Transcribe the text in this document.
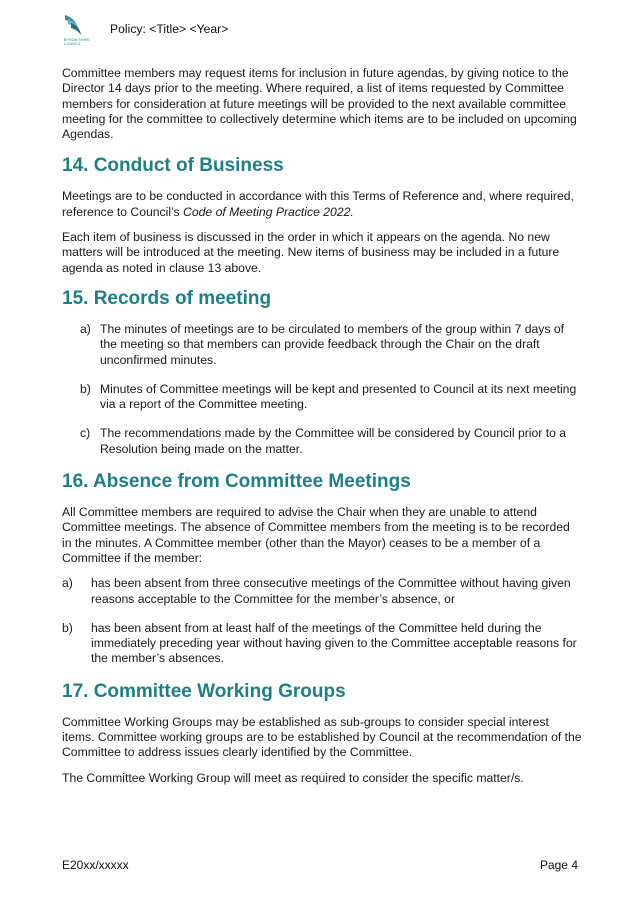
BYRON SHIRE COUNCIL
Policy: <Title> <Year>

Committee members may request items for inclusion in future agendas, by giving notice to the Director 14 days prior to the meeting. Where required, a list of items requested by Committee members for consideration at future meetings will be provided to the next available committee meeting for the committee to collectively determine which items are to be included on upcoming Agendas.

14. Conduct of Business

Meetings are to be conducted in accordance with this Terms of Reference and, where required, reference to Council’s Code of Meeting Practice 2022.

Each item of business is discussed in the order in which it appears on the agenda. No new matters will be introduced at the meeting. New items of business may be included in a future agenda as noted in clause 13 above.

15. Records of meeting
a) The minutes of meetings are to be circulated to members of the group within 7 days of the meeting so that members can provide feedback through the Chair on the draft unconfirmed minutes.
b) Minutes of Committee meetings will be kept and presented to Council at its next meeting via a report of the Committee meeting.
c) The recommendations made by the Committee will be considered by Council prior to a Resolution being made on the matter.
16. Absence from Committee Meetings

All Committee members are required to advise the Chair when they are unable to attend Committee meetings. The absence of Committee members from the meeting is to be recorded in the minutes. A Committee member (other than the Mayor) ceases to be a member of a Committee if the member:

a) has been absent from three consecutive meetings of the Committee without having given reasons acceptable to the Committee for the member’s absence, or
b) has been absent from at least half of the meetings of the Committee held during the immediately preceding year without having given to the Committee acceptable reasons for the member’s absences.
17. Committee Working Groups

Committee Working Groups may be established as sub-groups to consider special interest items. Committee working groups are to be established by Council at the recommendation of the Committee to address issues clearly identified by the Committee.

The Committee Working Group will meet as required to consider the specific matter/s.

E20xx/xxxxx	Page 4
